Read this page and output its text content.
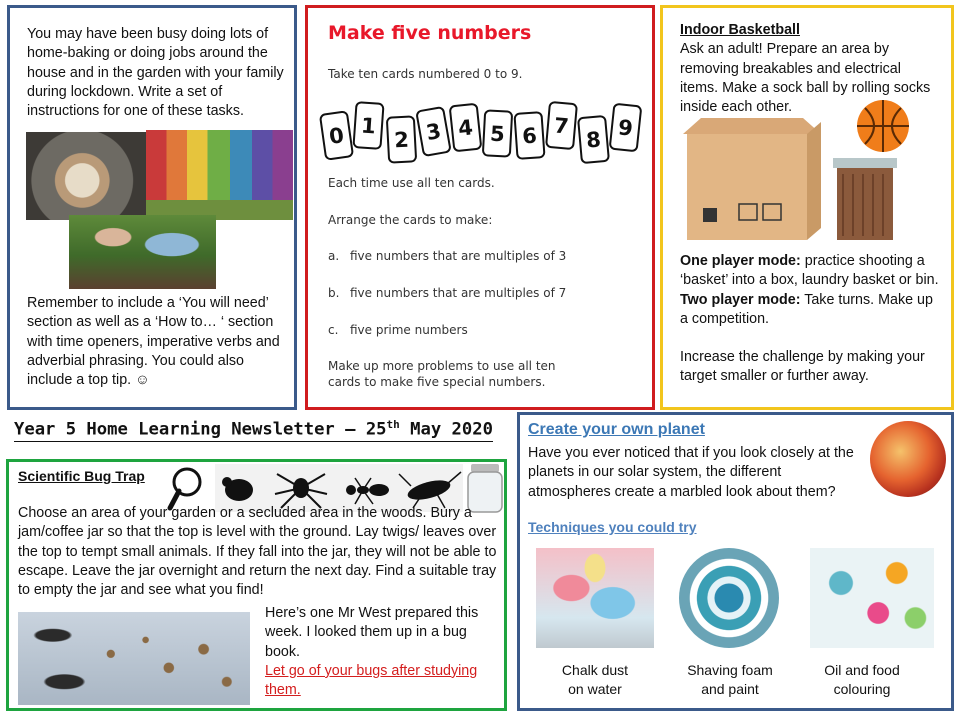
You may have been busy doing lots of home-baking or doing jobs around the house and in the garden with your family during lockdown. Write a set of instructions for one of these tasks.

Remember to include a ‘You will need’ section as well as a ‘How to… ‘ section with time openers, imperative verbs and adverbial phrasing. You could also include a top tip. ☺

Make five numbers

Take ten cards numbered 0 to 9.

0 1
2 3 4 5 6 7
8 9

Each time use all ten cards.

Arrange the cards to make:

a. five numbers that are multiples of 3
b. five numbers that are multiples of 7
c. five prime numbers

Make up more problems to use all ten cards to make five special numbers.

Indoor Basketball

Ask an adult! Prepare an area by removing breakables and electrical items. Make a sock ball by rolling socks inside each other.

One player mode: practice shooting a ‘basket’ into a box, laundry basket or bin.

Two player mode: Take turns. Make up a competition.

Increase the challenge by making your target smaller or further away.

Year 5 Home Learning Newsletter – 25th May 2020
Scientific Bug Trap

Choose an area of your garden or a secluded area in the woods. Bury a jam/coffee jar so that the top is level with the ground. Lay twigs/ leaves over the top to tempt small animals. If they fall into the jar, they will not be able to escape. Leave the jar overnight and return the next day. Find a suitable tray to empty the jar and see what you find!

Here’s one Mr West prepared this week. I looked them up in a bug book.

Let go of your bugs after studying them.

Create your own planet

Have you ever noticed that if you look closely at the planets in our solar system, the different atmospheres create a marbled look about them?

Techniques you could try
Chalk dust
on water
Shaving foam
and paint
Oil and food
colouring
